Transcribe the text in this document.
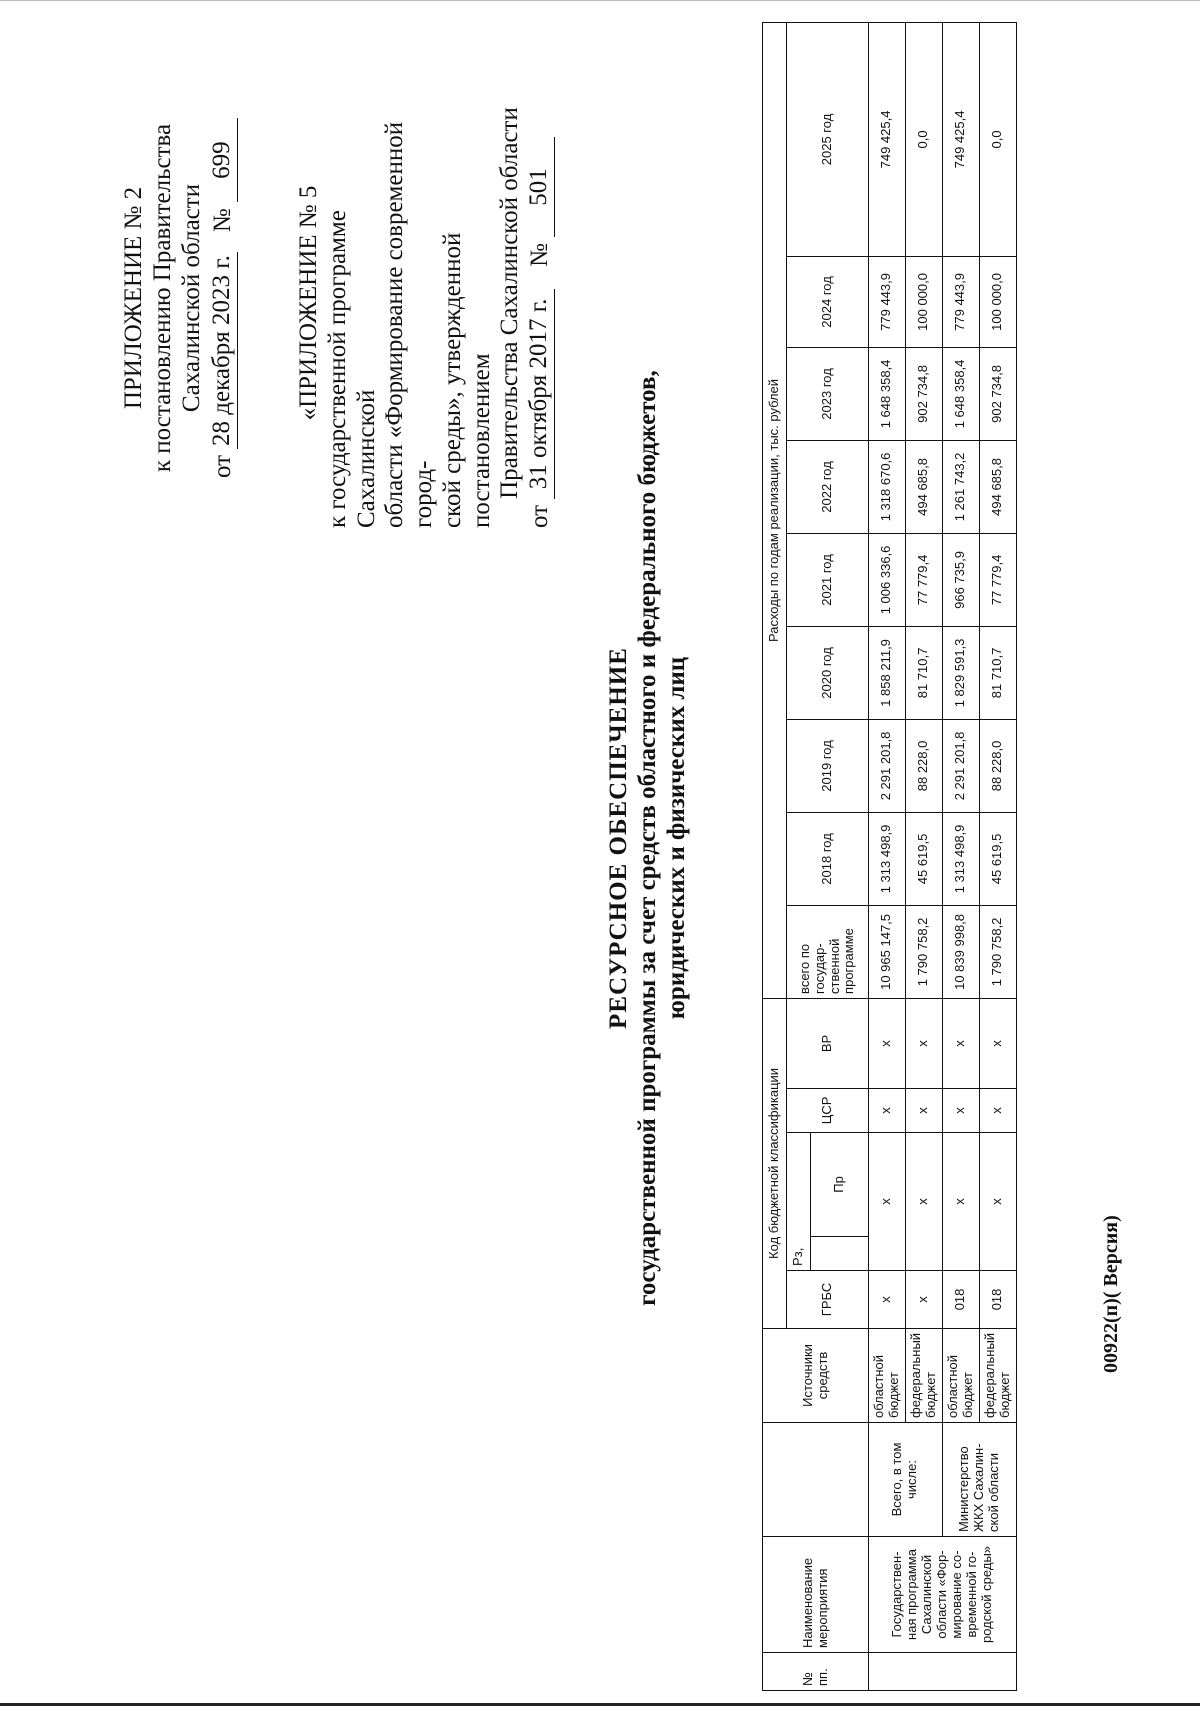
ПРИЛОЖЕНИЕ № 2 к постановлению Правительства Сахалинской области
от
28 декабря 2023 г.
№
699
«ПРИЛОЖЕНИЕ № 5 к государственной программе Сахалинской области «Формирование современной город- ской среды», утвержденной постановлением Правительства Сахалинской области
от
31 октября 2017 г.
№
501
РЕСУРСНОЕ ОБЕСПЕЧЕНИЕ государственной программы за счет средств областного и федерального бюджетов, юридических и физических лиц
№ пп.	Наименование мероприятия		Источники средств	Код бюджетной классификации					Расходы по годам реализации, тыс. рублей								
				ГРБС	Рз,		ЦСР	ВР	всего по государ-ственной программе	2018 год	2019 год	2020 год	2021 год	2022 год	2023 год	2024 год	2025 год
						Пр											
	Государствен-ная программа Сахалинской области «Фор-мирование со-временной го-родской среды»	Всего, в том числе:	областной бюджет	х	х		х	х	10 965 147,5	1 313 498,9	2 291 201,8	1 858 211,9	1 006 336,6	1 318 670,6	1 648 358,4	779 443,9	749 425,4
			федеральный бюджет	х	х		х	х	1 790 758,2	45 619,5	88 228,0	81 710,7	77 779,4	494 685,8	902 734,8	100 000,0	0,0
		Министерство ЖКХ Сахалин-ской области	областной бюджет	018	х		х	х	10 839 998,8	1 313 498,9	2 291 201,8	1 829 591,3	966 735,9	1 261 743,2	1 648 358,4	779 443,9	749 425,4
			федеральный бюджет	018	х		х	х	1 790 758,2	45 619,5	88 228,0	81 710,7	77 779,4	494 685,8	902 734,8	100 000,0	0,0
00922(п)( Версия)
